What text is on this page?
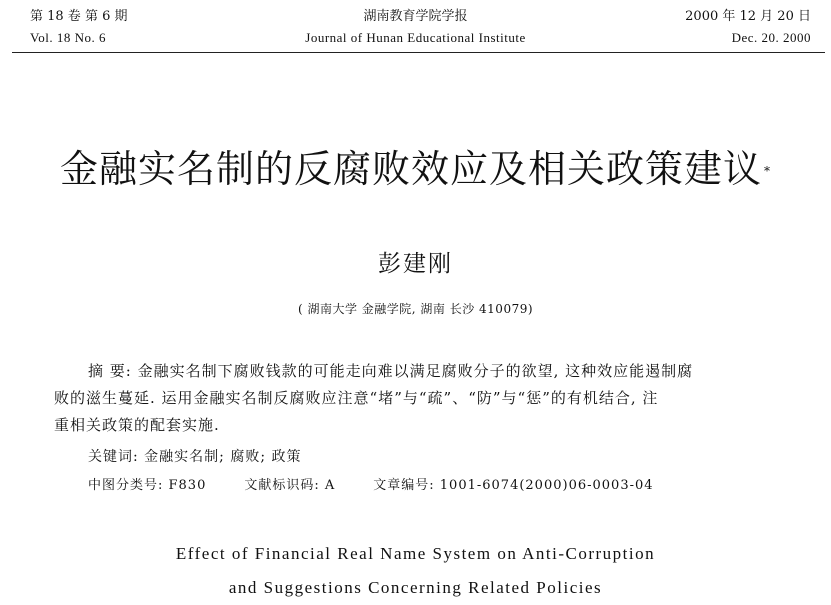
第 18 卷 第 6 期
Vol. 18 No. 6
湖南教育学院学报
Journal of Hunan Educational Institute
2000 年 12 月 20 日
Dec. 20. 2000
金融实名制的反腐败效应及相关政策建议 *
彭建刚
( 湖南大学 金融学院, 湖南 长沙 410079)
摘 要: 金融实名制下腐败钱款的可能走向难以满足腐败分子的欲望, 这种效应能遏制腐
败的滋生蔓延. 运用金融实名制反腐败应注意“堵”与“疏”、“防”与“惩”的有机结合, 注
重相关政策的配套实施.
关键词: 金融实名制; 腐败; 政策
中图分类号: F830	文献标识码: A	文章编号: 1001-6074(2000)06-0003-04
Effect of Financial Real Name System on Anti-Corruption
and Suggestions Concerning Related Policies
